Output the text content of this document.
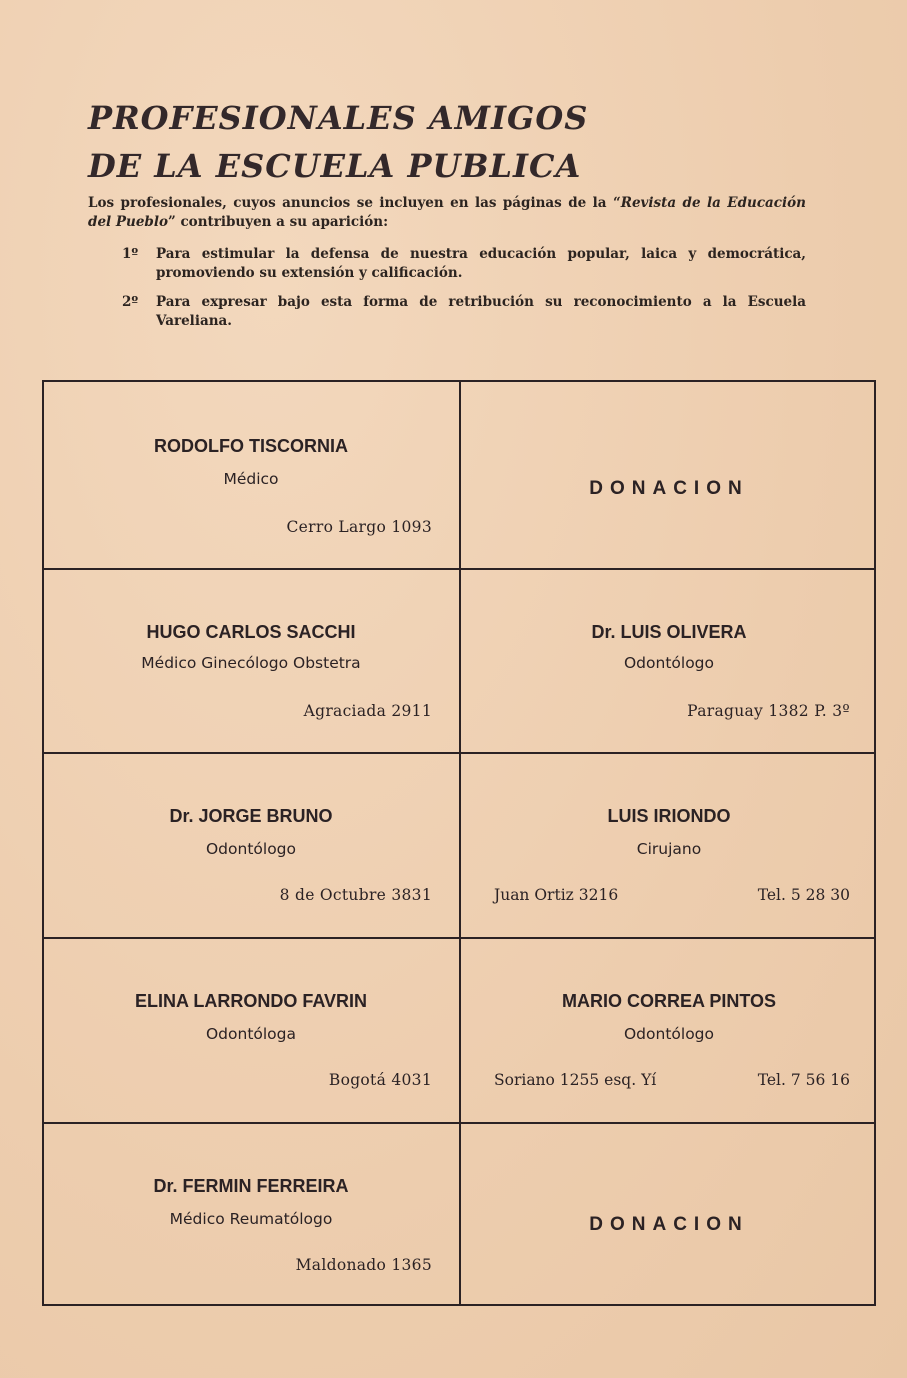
PROFESIONALES AMIGOS
DE LA ESCUELA PUBLICA
Los profesionales, cuyos anuncios se incluyen en las páginas de la “Revista de la Educación del Pueblo” contribuyen a su aparición:
1º	Para estimular la defensa de nuestra educación popular, laica y democrática, promoviendo su extensión y calificación.
2º	Para expresar bajo esta forma de retribución su reconocimiento a la Escuela Vareliana.
RODOLFO TISCORNIA
Médico
Cerro Largo 1093
DONACION
HUGO CARLOS SACCHI
Médico Ginecólogo Obstetra
Agraciada 2911
Dr. LUIS OLIVERA
Odontólogo
Paraguay 1382 P. 3º
Dr. JORGE BRUNO
Odontólogo
8 de Octubre 3831
LUIS IRIONDO
Cirujano
Juan Ortiz 3216	Tel. 5 28 30
ELINA LARRONDO FAVRIN
Odontóloga
Bogotá 4031
MARIO CORREA PINTOS
Odontólogo
Soriano 1255 esq. Yí	Tel. 7 56 16
Dr. FERMIN FERREIRA
Médico Reumatólogo
Maldonado 1365
DONACION
